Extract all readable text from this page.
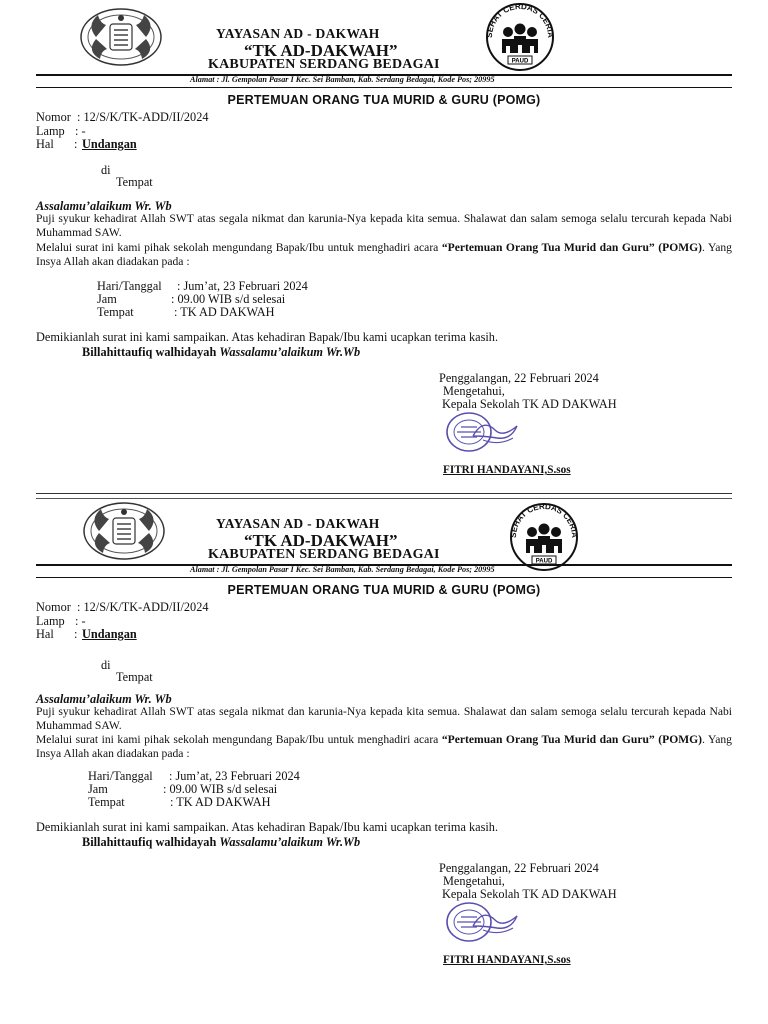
SEHAT CERDAS CERIA
PAUD
YAYASAN AD - DAKWAH
“TK AD-DAKWAH”
KABUPATEN SERDANG BEDAGAI
Alamat : Jl. Gempolan Pasar I Kec. Sei Bamban, Kab. Serdang Bedagai, Kode Pos; 20995
PERTEMUAN ORANG TUA MURID & GURU (POMG)
Nomor : 12/S/K/TK-ADD/II/2024
Lamp : -
Hal : Undangan
di
Tempat
Assalamu’alaikum Wr. Wb
Puji syukur kehadirat Allah SWT atas segala nikmat dan karunia-Nya kepada kita semua. Shalawat dan salam semoga selalu tercurah kepada Nabi Muhammad SAW.
Melalui surat ini kami pihak sekolah mengundang Bapak/Ibu untuk menghadiri acara “Pertemuan Orang Tua Murid dan Guru” (POMG). Yang Insya Allah akan diadakan pada :
Hari/Tanggal : Jum’at, 23 Februari 2024
Jam	: 09.00 WIB s/d selesai
Tempat	: TK AD DAKWAH
Demikianlah surat ini kami sampaikan. Atas kehadiran Bapak/Ibu kami ucapkan terima kasih.
Billahittaufiq walhidayah Wassalamu’alaikum Wr.Wb
Penggalangan, 22 Februari 2024
Mengetahui,
Kepala Sekolah TK AD DAKWAH
FITRI HANDAYANI,S.sos
SEHAT CERDAS CERIA
PAUD
YAYASAN AD - DAKWAH
“TK AD-DAKWAH”
KABUPATEN SERDANG BEDAGAI
Alamat : Jl. Gempolan Pasar I Kec. Sei Bamban, Kab. Serdang Bedagai, Kode Pos; 20995
PERTEMUAN ORANG TUA MURID & GURU (POMG)
Nomor : 12/S/K/TK-ADD/II/2024
Lamp : -
Hal : Undangan
di
Tempat
Assalamu’alaikum Wr. Wb
Puji syukur kehadirat Allah SWT atas segala nikmat dan karunia-Nya kepada kita semua. Shalawat dan salam semoga selalu tercurah kepada Nabi Muhammad SAW.
Melalui surat ini kami pihak sekolah mengundang Bapak/Ibu untuk menghadiri acara “Pertemuan Orang Tua Murid dan Guru” (POMG). Yang Insya Allah akan diadakan pada :
Hari/Tanggal : Jum’at, 23 Februari 2024
Jam	: 09.00 WIB s/d selesai
Tempat	: TK AD DAKWAH
Demikianlah surat ini kami sampaikan. Atas kehadiran Bapak/Ibu kami ucapkan terima kasih.
Billahittaufiq walhidayah Wassalamu’alaikum Wr.Wb
Penggalangan, 22 Februari 2024
Mengetahui,
Kepala Sekolah TK AD DAKWAH
FITRI HANDAYANI,S.sos
